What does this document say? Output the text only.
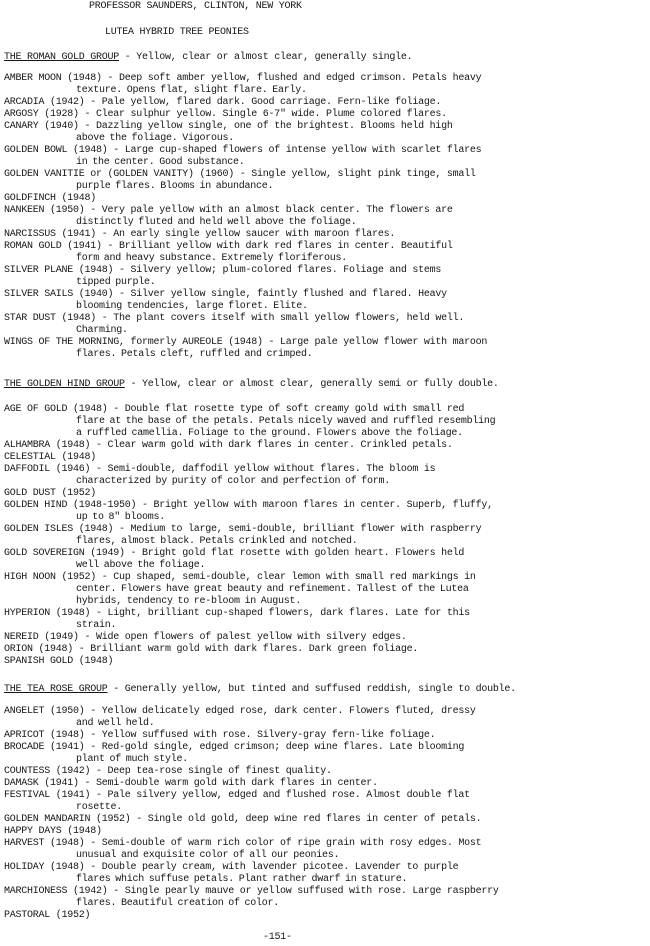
PROFESSOR SAUNDERS, CLINTON, NEW YORK
LUTEA HYBRID TREE PEONIES
THE ROMAN GOLD GROUP - Yellow, clear or almost clear, generally single.
AMBER MOON (1948) - Deep soft amber yellow, flushed and edged crimson. Petals heavy
texture. Opens flat, slight flare. Early.
ARCADIA (1942) - Pale yellow, flared dark. Good carriage. Fern-like foliage.
ARGOSY (1928) - Clear sulphur yellow. Single 6-7" wide. Plume colored flares.
CANARY (1940) - Dazzling yellow single, one of the brightest. Blooms held high
above the foliage. Vigorous.
GOLDEN BOWL (1948) - Large cup-shaped flowers of intense yellow with scarlet flares
in the center. Good substance.
GOLDEN VANITIE or (GOLDEN VANITY) (1960) - Single yellow, slight pink tinge, small
purple flares. Blooms in abundance.
GOLDFINCH (1948)
NANKEEN (1950) - Very pale yellow with an almost black center. The flowers are
distinctly fluted and held well above the foliage.
NARCISSUS (1941) - An early single yellow saucer with maroon flares.
ROMAN GOLD (1941) - Brilliant yellow with dark red flares in center. Beautiful
form and heavy substance. Extremely floriferous.
SILVER PLANE (1948) - Silvery yellow; plum-colored flares. Foliage and stems
tipped purple.
SILVER SAILS (1940) - Silver yellow single, faintly flushed and flared. Heavy
blooming tendencies, large floret. Elite.
STAR DUST (1948) - The plant covers itself with small yellow flowers, held well.
Charming.
WINGS OF THE MORNING, formerly AUREOLE (1948) - Large pale yellow flower with maroon
flares. Petals cleft, ruffled and crimped.
THE GOLDEN HIND GROUP - Yellow, clear or almost clear, generally semi or fully double.
AGE OF GOLD (1948) - Double flat rosette type of soft creamy gold with small red
flare at the base of the petals. Petals nicely waved and ruffled resembling
a ruffled camellia. Foliage to the ground. Flowers above the foliage.
ALHAMBRA (1948) - Clear warm gold with dark flares in center. Crinkled petals.
CELESTIAL (1948)
DAFFODIL (1946) - Semi-double, daffodil yellow without flares. The bloom is
characterized by purity of color and perfection of form.
GOLD DUST (1952)
GOLDEN HIND (1948-1950) - Bright yellow with maroon flares in center. Superb, fluffy,
up to 8" blooms.
GOLDEN ISLES (1948) - Medium to large, semi-double, brilliant flower with raspberry
flares, almost black. Petals crinkled and notched.
GOLD SOVEREIGN (1949) - Bright gold flat rosette with golden heart. Flowers held
well above the foliage.
HIGH NOON (1952) - Cup shaped, semi-double, clear lemon with small red markings in
center. Flowers have great beauty and refinement. Tallest of the Lutea
hybrids, tendency to re-bloom in August.
HYPERION (1948) - Light, brilliant cup-shaped flowers, dark flares. Late for this
strain.
NEREID (1949) - Wide open flowers of palest yellow with silvery edges.
ORION (1948) - Brilliant warm gold with dark flares. Dark green foliage.
SPANISH GOLD (1948)
THE TEA ROSE GROUP - Generally yellow, but tinted and suffused reddish, single to double.
ANGELET (1950) - Yellow delicately edged rose, dark center. Flowers fluted, dressy
and well held.
APRICOT (1948) - Yellow suffused with rose. Silvery-gray fern-like foliage.
BROCADE (1941) - Red-gold single, edged crimson; deep wine flares. Late blooming
plant of much style.
COUNTESS (1942) - Deep tea-rose single of finest quality.
DAMASK (1941) - Semi-double warm gold with dark flares in center.
FESTIVAL (1941) - Pale silvery yellow, edged and flushed rose. Almost double flat
rosette.
GOLDEN MANDARIN (1952) - Single old gold, deep wine red flares in center of petals.
HAPPY DAYS (1948)
HARVEST (1948) - Semi-double of warm rich color of ripe grain with rosy edges. Most
unusual and exquisite color of all our peonies.
HOLIDAY (1948) - Double pearly cream, with lavender picotee. Lavender to purple
flares which suffuse petals. Plant rather dwarf in stature.
MARCHIONESS (1942) - Single pearly mauve or yellow suffused with rose. Large raspberry
flares. Beautiful creation of color.
PASTORAL (1952)
-151-
